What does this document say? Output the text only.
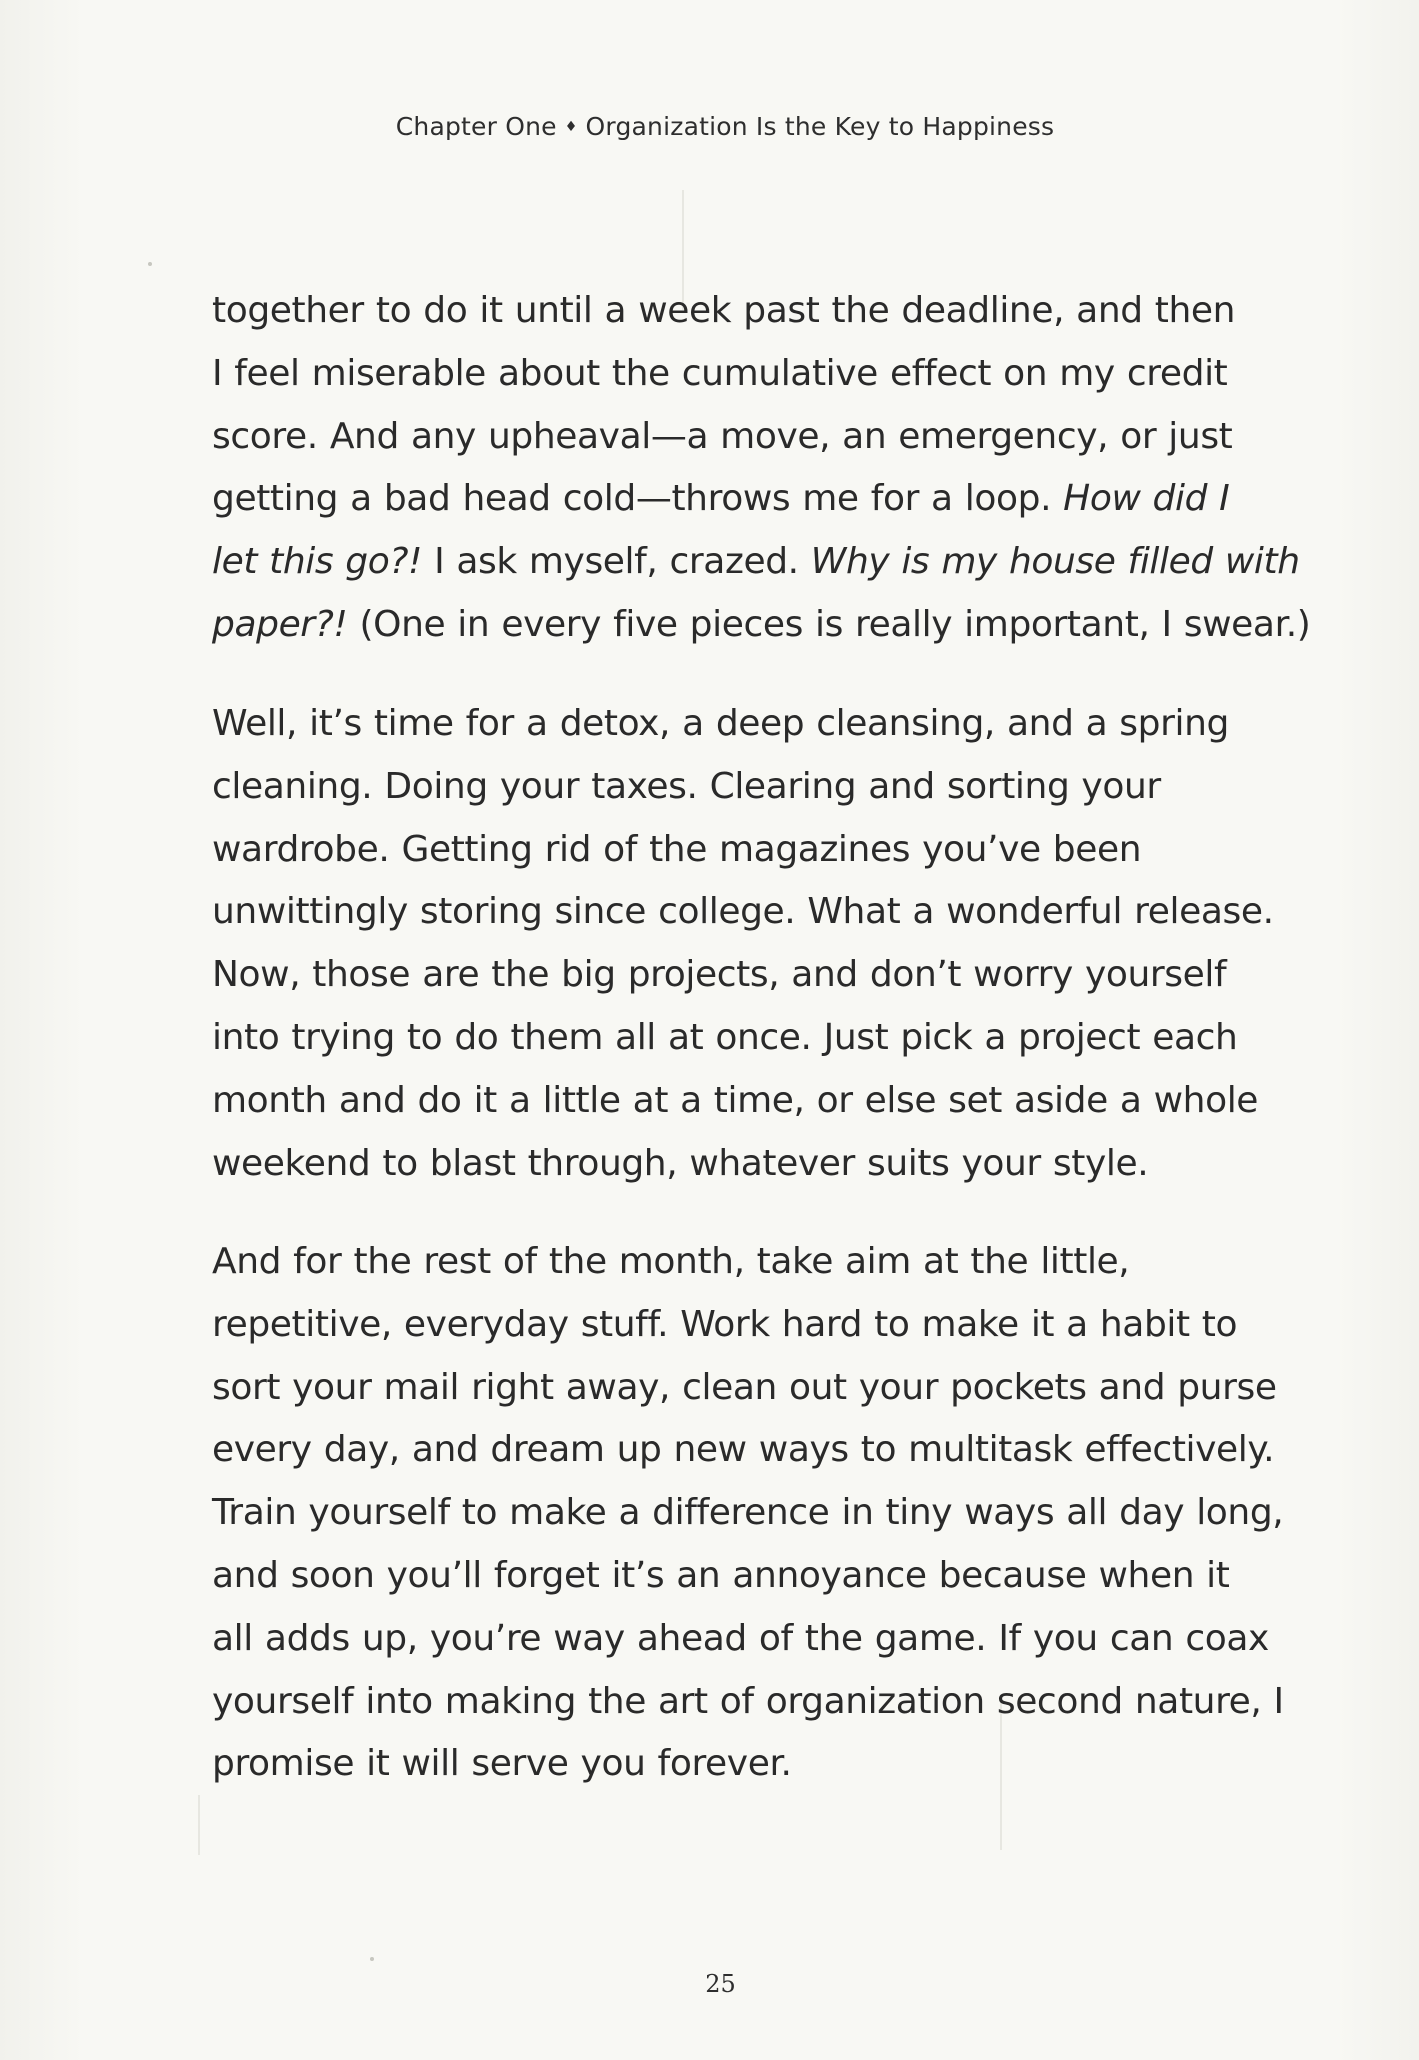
Chapter One ♦ Organization Is the Key to Happiness

together to do it until a week past the deadline, and then
I feel miserable about the cumulative effect on my credit
score. And any upheaval—a move, an emergency, or just
getting a bad head cold—throws me for a loop. How did I
let this go?! I ask myself, crazed. Why is my house filled with
paper?! (One in every five pieces is really important, I swear.)

Well, it’s time for a detox, a deep cleansing, and a spring
cleaning. Doing your taxes. Clearing and sorting your
wardrobe. Getting rid of the magazines you’ve been
unwittingly storing since college. What a wonderful release.
Now, those are the big projects, and don’t worry yourself
into trying to do them all at once. Just pick a project each
month and do it a little at a time, or else set aside a whole
weekend to blast through, whatever suits your style.

And for the rest of the month, take aim at the little,
repetitive, everyday stuff. Work hard to make it a habit to
sort your mail right away, clean out your pockets and purse
every day, and dream up new ways to multitask effectively.
Train yourself to make a difference in tiny ways all day long,
and soon you’ll forget it’s an annoyance because when it
all adds up, you’re way ahead of the game. If you can coax
yourself into making the art of organization second nature, I
promise it will serve you forever.

25
